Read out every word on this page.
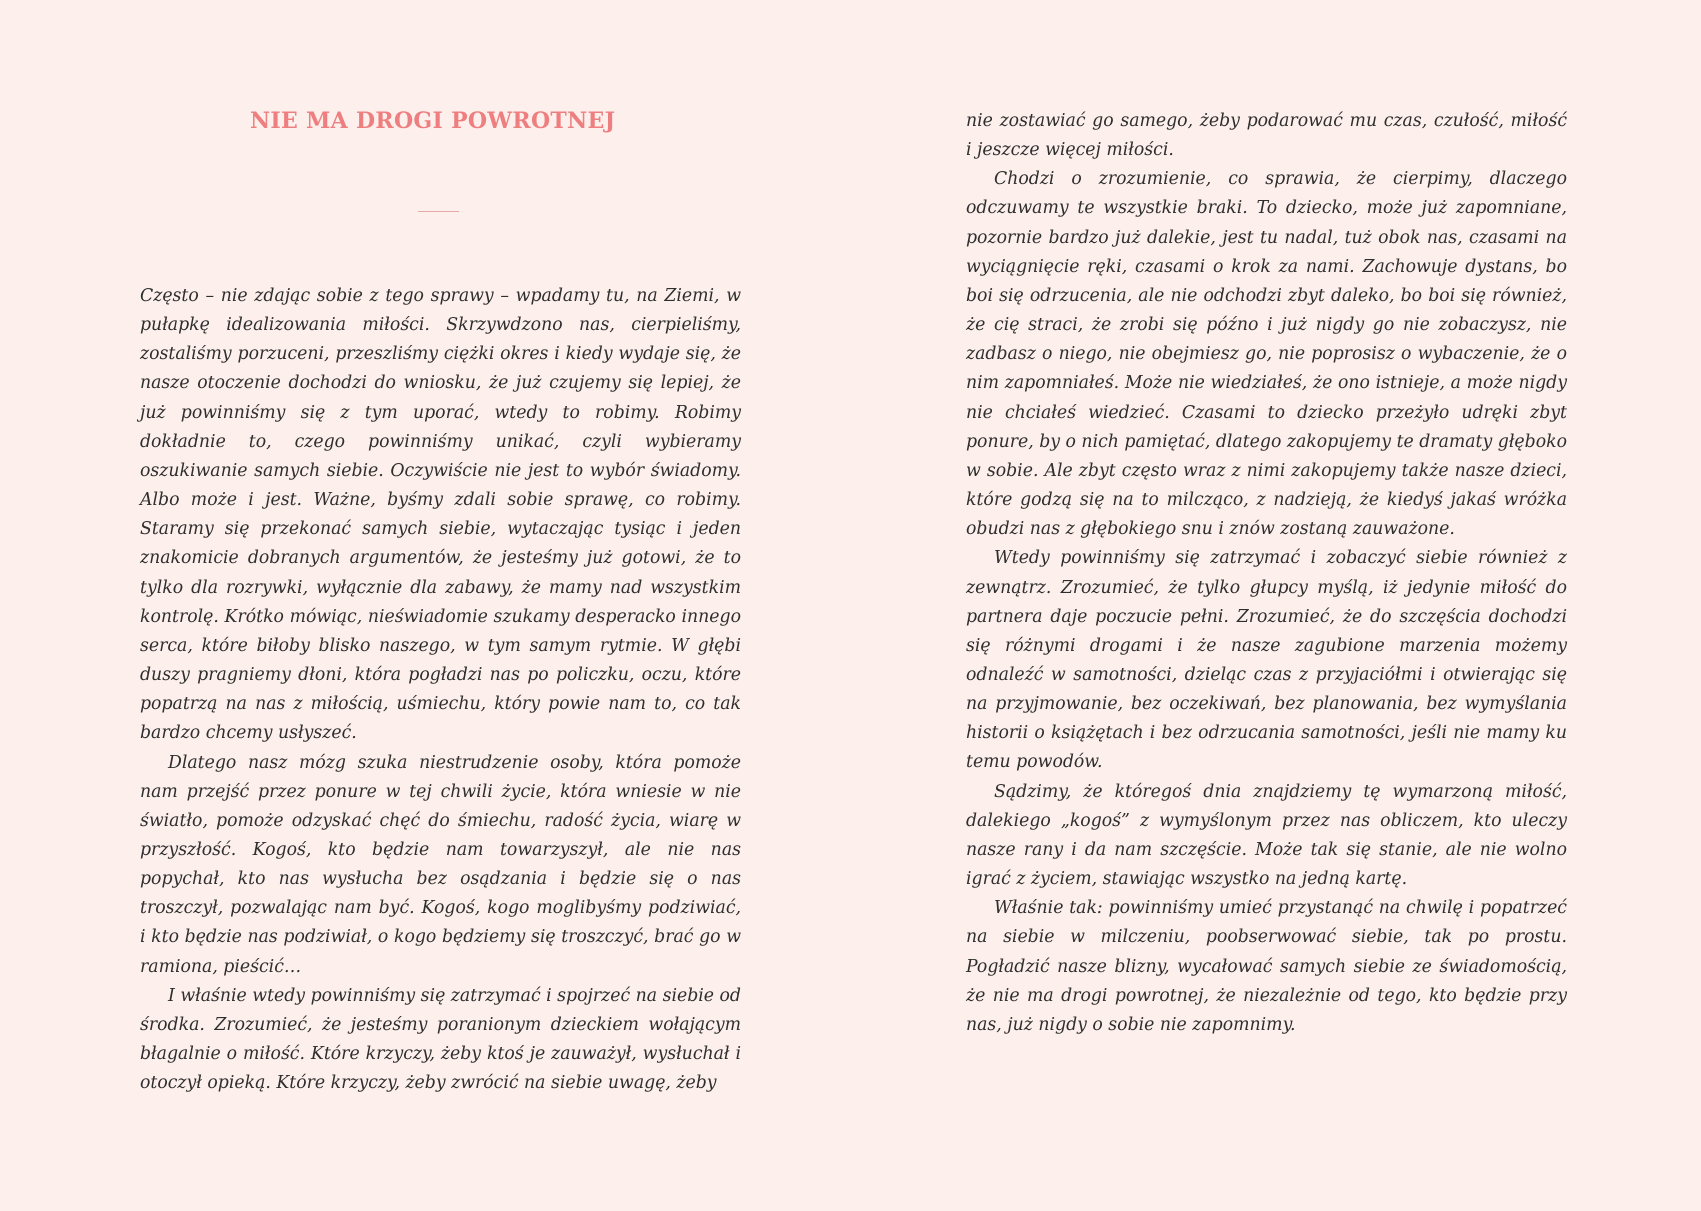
NIE MA DROGI POWROTNEJ

Często – nie zdając sobie z tego sprawy – wpadamy tu, na Ziemi, w pułapkę idealizowania miłości. Skrzywdzono nas, cierpieliśmy, zostaliśmy porzuceni, przeszliśmy ciężki okres i kiedy wydaje się, że nasze otoczenie dochodzi do wniosku, że już czujemy się lepiej, że już powinniśmy się z tym uporać, wtedy to robimy. Robimy dokładnie to, czego powinniśmy unikać, czyli wybieramy oszukiwanie samych siebie. Oczywiście nie jest to wybór świadomy. Albo może i jest. Ważne, byśmy zdali sobie sprawę, co robimy. Staramy się przekonać samych siebie, wytaczając tysiąc i jeden znakomicie dobranych argumentów, że jesteśmy już gotowi, że to tylko dla rozrywki, wyłącznie dla zabawy, że mamy nad wszystkim kontrolę. Krótko mówiąc, nieświadomie szukamy desperacko innego serca, które biłoby blisko naszego, w tym samym rytmie. W głębi duszy pragniemy dłoni, która pogładzi nas po policzku, oczu, które popatrzą na nas z miłością, uśmiechu, który powie nam to, co tak bardzo chcemy usłyszeć.

Dlatego nasz mózg szuka niestrudzenie osoby, która pomoże nam przejść przez ponure w tej chwili życie, która wniesie w nie światło, pomoże odzyskać chęć do śmiechu, radość życia, wiarę w przyszłość. Kogoś, kto będzie nam towarzyszył, ale nie nas popychał, kto nas wysłucha bez osądzania i będzie się o nas troszczył, pozwalając nam być. Kogoś, kogo moglibyśmy podziwiać, i kto będzie nas podziwiał, o kogo będziemy się troszczyć, brać go w ramiona, pieścić…

I właśnie wtedy powinniśmy się zatrzymać i spojrzeć na siebie od środka. Zrozumieć, że jesteśmy poranionym dzieckiem wołającym błagalnie o miłość. Które krzyczy, żeby ktoś je zauważył, wysłuchał i otoczył opieką. Które krzyczy, żeby zwrócić na siebie uwagę, żeby

nie zostawiać go samego, żeby podarować mu czas, czułość, miłość i jeszcze więcej miłości.

Chodzi o zrozumienie, co sprawia, że cierpimy, dlaczego odczuwamy te wszystkie braki. To dziecko, może już zapomniane, pozornie bardzo już dalekie, jest tu nadal, tuż obok nas, czasami na wyciągnięcie ręki, czasami o krok za nami. Zachowuje dystans, bo boi się odrzucenia, ale nie odchodzi zbyt daleko, bo boi się również, że cię straci, że zrobi się późno i już nigdy go nie zobaczysz, nie zadbasz o niego, nie obejmiesz go, nie poprosisz o wybaczenie, że o nim zapomniałeś. Może nie wiedziałeś, że ono istnieje, a może nigdy nie chciałeś wiedzieć. Czasami to dziecko przeżyło udręki zbyt ponure, by o nich pamiętać, dlatego zakopujemy te dramaty głęboko w sobie. Ale zbyt często wraz z nimi zakopujemy także nasze dzieci, które godzą się na to milcząco, z nadzieją, że kiedyś jakaś wróżka obudzi nas z głębokiego snu i znów zostaną zauważone.

Wtedy powinniśmy się zatrzymać i zobaczyć siebie również z zewnątrz. Zrozumieć, że tylko głupcy myślą, iż jedynie miłość do partnera daje poczucie pełni. Zrozumieć, że do szczęścia dochodzi się różnymi drogami i że nasze zagubione marzenia możemy odnaleźć w samotności, dzieląc czas z przyjaciółmi i otwierając się na przyjmowanie, bez oczekiwań, bez planowania, bez wymyślania historii o książętach i bez odrzucania samotności, jeśli nie mamy ku temu powodów.

Sądzimy, że któregoś dnia znajdziemy tę wymarzoną miłość, dalekiego „kogoś” z wymyślonym przez nas obliczem, kto uleczy nasze rany i da nam szczęście. Może tak się stanie, ale nie wolno igrać z życiem, stawiając wszystko na jedną kartę.

Właśnie tak: powinniśmy umieć przystanąć na chwilę i popatrzeć na siebie w milczeniu, poobserwować siebie, tak po prostu. Pogładzić nasze blizny, wycałować samych siebie ze świadomością, że nie ma drogi powrotnej, że niezależnie od tego, kto będzie przy nas, już nigdy o sobie nie zapomnimy.
